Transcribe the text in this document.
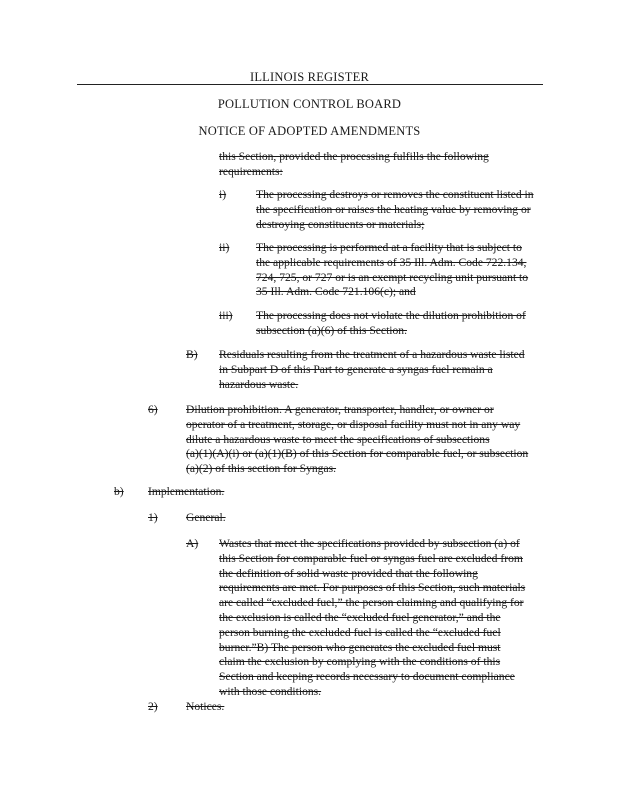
ILLINOIS REGISTER
POLLUTION CONTROL BOARD
NOTICE OF ADOPTED AMENDMENTS
this Section, provided the processing fulfills the following
requirements:
i)	The processing destroys or removes the constituent listed in
the specification or raises the heating value by removing or
destroying constituents or materials;
ii) The processing is performed at a facility that is subject to
the applicable requirements of 35 Ill. Adm. Code 722.134,
724, 725, or 727 or is an exempt recycling unit pursuant to
35 Ill. Adm. Code 721.106(c); and
iii) The processing does not violate the dilution prohibition of
subsection (a)(6) of this Section.
B) Residuals resulting from the treatment of a hazardous waste listed
in Subpart D of this Part to generate a syngas fuel remain a
hazardous waste.
6) Dilution prohibition. A generator, transporter, handler, or owner or
operator of a treatment, storage, or disposal facility must not in any way
dilute a hazardous waste to meet the specifications of subsections
(a)(1)(A)(i) or (a)(1)(B) of this Section for comparable fuel, or subsection
(a)(2) of this section for Syngas.
b) Implementation.
1) General.
A) Wastes that meet the specifications provided by subsection (a) of
this Section for comparable fuel or syngas fuel are excluded from
the definition of solid waste provided that the following
requirements are met. For purposes of this Section, such materials
are called “excluded fuel,” the person claiming and qualifying for
the exclusion is called the “excluded fuel generator,” and the
person burning the excluded fuel is called the “excluded fuel
burner.”B) The person who generates the excluded fuel must
claim the exclusion by complying with the conditions of this
Section and keeping records necessary to document compliance
with those conditions.
2) Notices.
